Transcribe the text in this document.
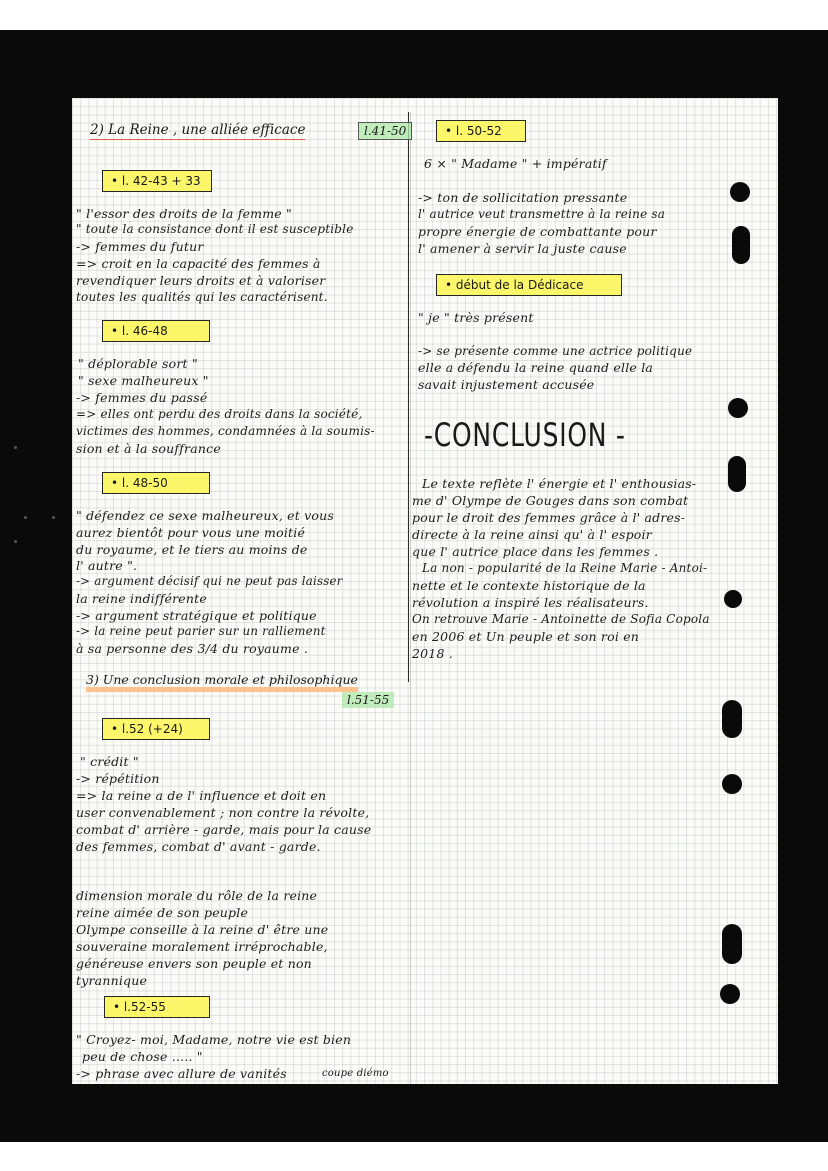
2) La Reine , une alliée efficace	l.41-50
• l. 42-43 + 33
" l'essor des droits de la femme "
" toute la consistance dont il est susceptible
-> femmes du futur
=> croit en la capacité des femmes à
revendiquer leurs droits et à valoriser
toutes les qualités qui les caractérisent.
• l. 46-48
" déplorable sort "
" sexe malheureux "
-> femmes du passé
=> elles ont perdu des droits dans la société,
victimes des hommes, condamnées à la soumis-
sion et à la souffrance
• l. 48-50
" défendez ce sexe malheureux, et vous
aurez bientôt pour vous une moitié
du royaume, et le tiers au moins de
l' autre ".
-> argument décisif qui ne peut pas laisser
la reine indifférente
-> argument stratégique et politique
-> la reine peut parier sur un ralliement
à sa personne des 3/4 du royaume .
3) Une conclusion morale et philosophique
l.51-55
• l.52 (+24)
" crédit "
-> répétition
=> la reine a de l' influence et doit en
user convenablement ; non contre la révolte,
combat d' arrière - garde, mais pour la cause
des femmes, combat d' avant - garde.
dimension morale du rôle de la reine
reine aimée de son peuple
Olympe conseille à la reine d' être une
souveraine moralement irréprochable,
généreuse envers son peuple et non
tyrannique
• l.52-55
" Croyez- moi, Madame, notre vie est bien
peu de chose ..... "
-> phrase avec allure de vanités	coupe diémo
• l. 50-52
6 × " Madame " + impératif
-> ton de sollicitation pressante
l' autrice veut transmettre à la reine sa
propre énergie de combattante pour
l' amener à servir la juste cause
• début de la Dédicace
" je " très présent
-> se présente comme une actrice politique
elle a défendu la reine quand elle la
savait injustement accusée
-CONCLUSION -
Le texte reflète l' énergie et l' enthousias-
me d' Olympe de Gouges dans son combat
pour le droit des femmes grâce à l' adres-
directe à la reine ainsi qu' à l' espoir
que l' autrice place dans les femmes .
La non - popularité de la Reine Marie - Antoi-
nette et le contexte historique de la
révolution a inspiré les réalisateurs.
On retrouve Marie - Antoinette de Sofia Copola
en 2006 et Un peuple et son roi en
2018 .
